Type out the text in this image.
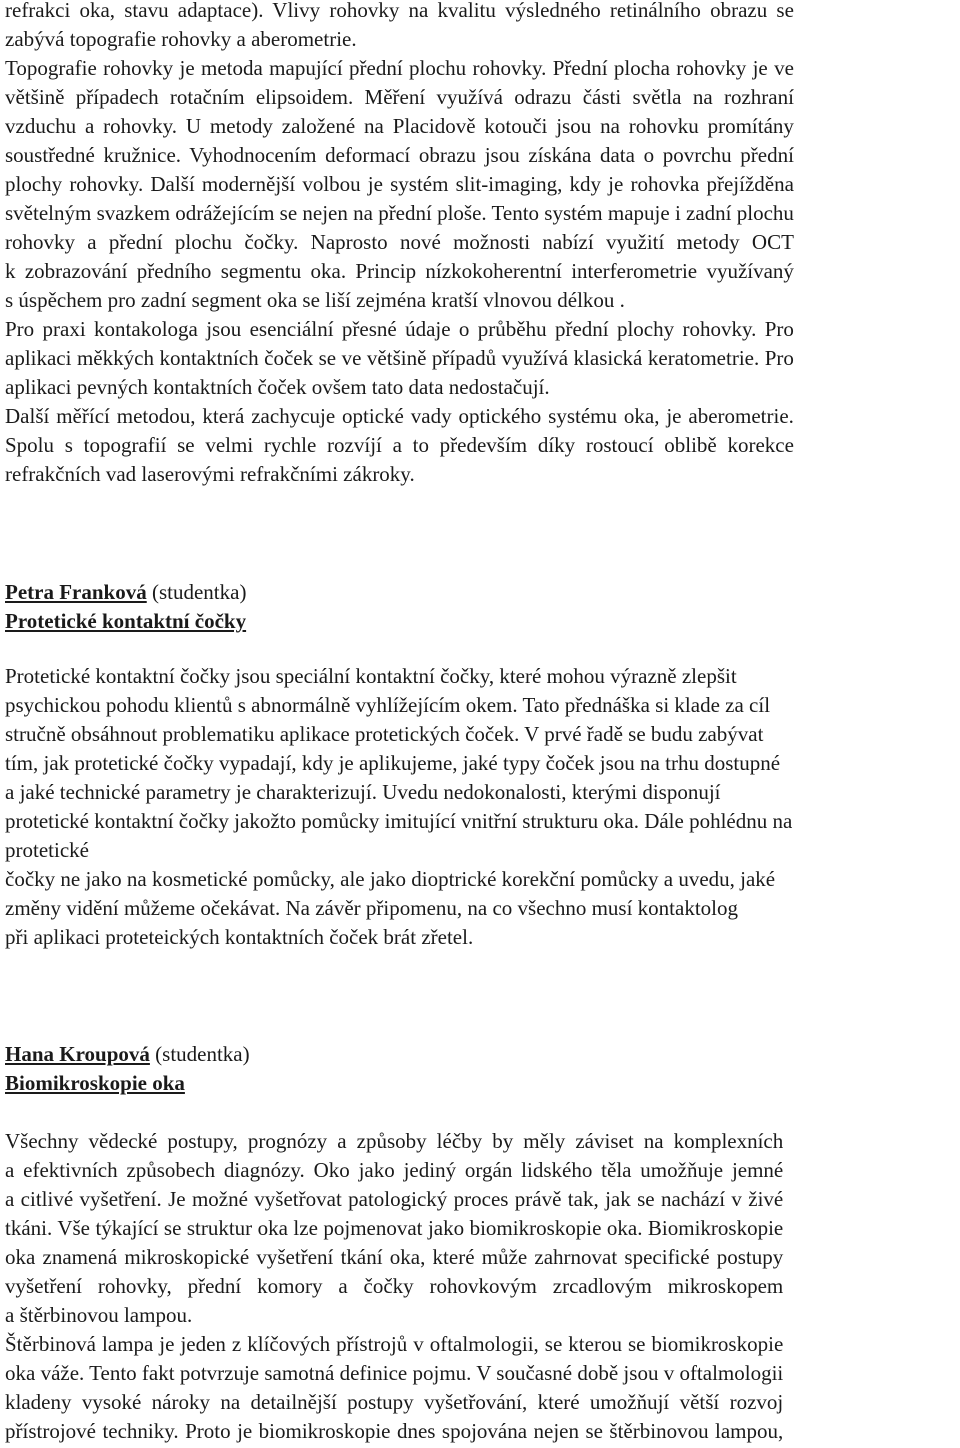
refrakci oka, stavu adaptace). Vlivy rohovky na kvalitu výsledného retinálního obrazu se
zabývá topografie rohovky a aberometrie.
Topografie rohovky je metoda mapující přední plochu rohovky. Přední plocha rohovky je ve
většině případech rotačním elipsoidem. Měření využívá odrazu části světla na rozhraní
vzduchu a rohovky. U metody založené na Placidově kotouči jsou na rohovku promítány
soustředné kružnice. Vyhodnocením deformací obrazu jsou získána data o povrchu přední
plochy rohovky. Další modernější volbou je systém slit-imaging, kdy je rohovka přejížděna
světelným svazkem odrážejícím se nejen na přední ploše. Tento systém mapuje i zadní plochu
rohovky a přední plochu čočky. Naprosto nové možnosti nabízí využití metody OCT
k zobrazování předního segmentu oka. Princip nízkokoherentní interferometrie využívaný
s úspěchem pro zadní segment oka se liší zejména kratší vlnovou délkou .
Pro praxi kontakologa jsou esenciální přesné údaje o průběhu přední plochy rohovky. Pro
aplikaci měkkých kontaktních čoček se ve většině případů využívá klasická keratometrie. Pro
aplikaci pevných kontaktních čoček ovšem tato data nedostačují.
Další měřící metodou, která zachycuje optické vady optického systému oka, je aberometrie.
Spolu s topografií se velmi rychle rozvíjí a to především díky rostoucí oblibě korekce
refrakčních vad laserovými refrakčními zákroky.
Petra Franková (studentka)
Protetické kontaktní čočky
Protetické kontaktní čočky jsou speciální kontaktní čočky, které mohou výrazně zlepšit
psychickou pohodu klientů s abnormálně vyhlížejícím okem. Tato přednáška si klade za cíl
stručně obsáhnout problematiku aplikace protetických čoček. V prvé řadě se budu zabývat
tím, jak protetické čočky vypadají, kdy je aplikujeme, jaké typy čoček jsou na trhu dostupné
a jaké technické parametry je charakterizují. Uvedu nedokonalosti, kterými disponují
protetické kontaktní čočky jakožto pomůcky imitující vnitřní strukturu oka. Dále pohlédnu na
protetické
čočky ne jako na kosmetické pomůcky, ale jako dioptrické korekční pomůcky a uvedu, jaké
změny vidění můžeme očekávat. Na závěr připomenu, na co všechno musí kontaktolog
při aplikaci proteteických kontaktních čoček brát zřetel.
Hana Kroupová (studentka)
Biomikroskopie oka
Všechny vědecké postupy, prognózy a způsoby léčby by měly záviset na komplexních
a efektivních způsobech diagnózy. Oko jako jediný orgán lidského těla umožňuje jemné
a citlivé vyšetření. Je možné vyšetřovat patologický proces právě tak, jak se nachází v živé
tkáni. Vše týkající se struktur oka lze pojmenovat jako biomikroskopie oka. Biomikroskopie
oka znamená mikroskopické vyšetření tkání oka, které může zahrnovat specifické postupy
vyšetření rohovky, přední komory a čočky rohovkovým zrcadlovým mikroskopem
a štěrbinovou lampou.
Štěrbinová lampa je jeden z klíčových přístrojů v oftalmologii, se kterou se biomikroskopie
oka váže. Tento fakt potvrzuje samotná definice pojmu. V současné době jsou v oftalmologii
kladeny vysoké nároky na detailnější postupy vyšetřování, které umožňují větší rozvoj
přístrojové techniky. Proto je biomikroskopie dnes spojována nejen se štěrbinovou lampou,
